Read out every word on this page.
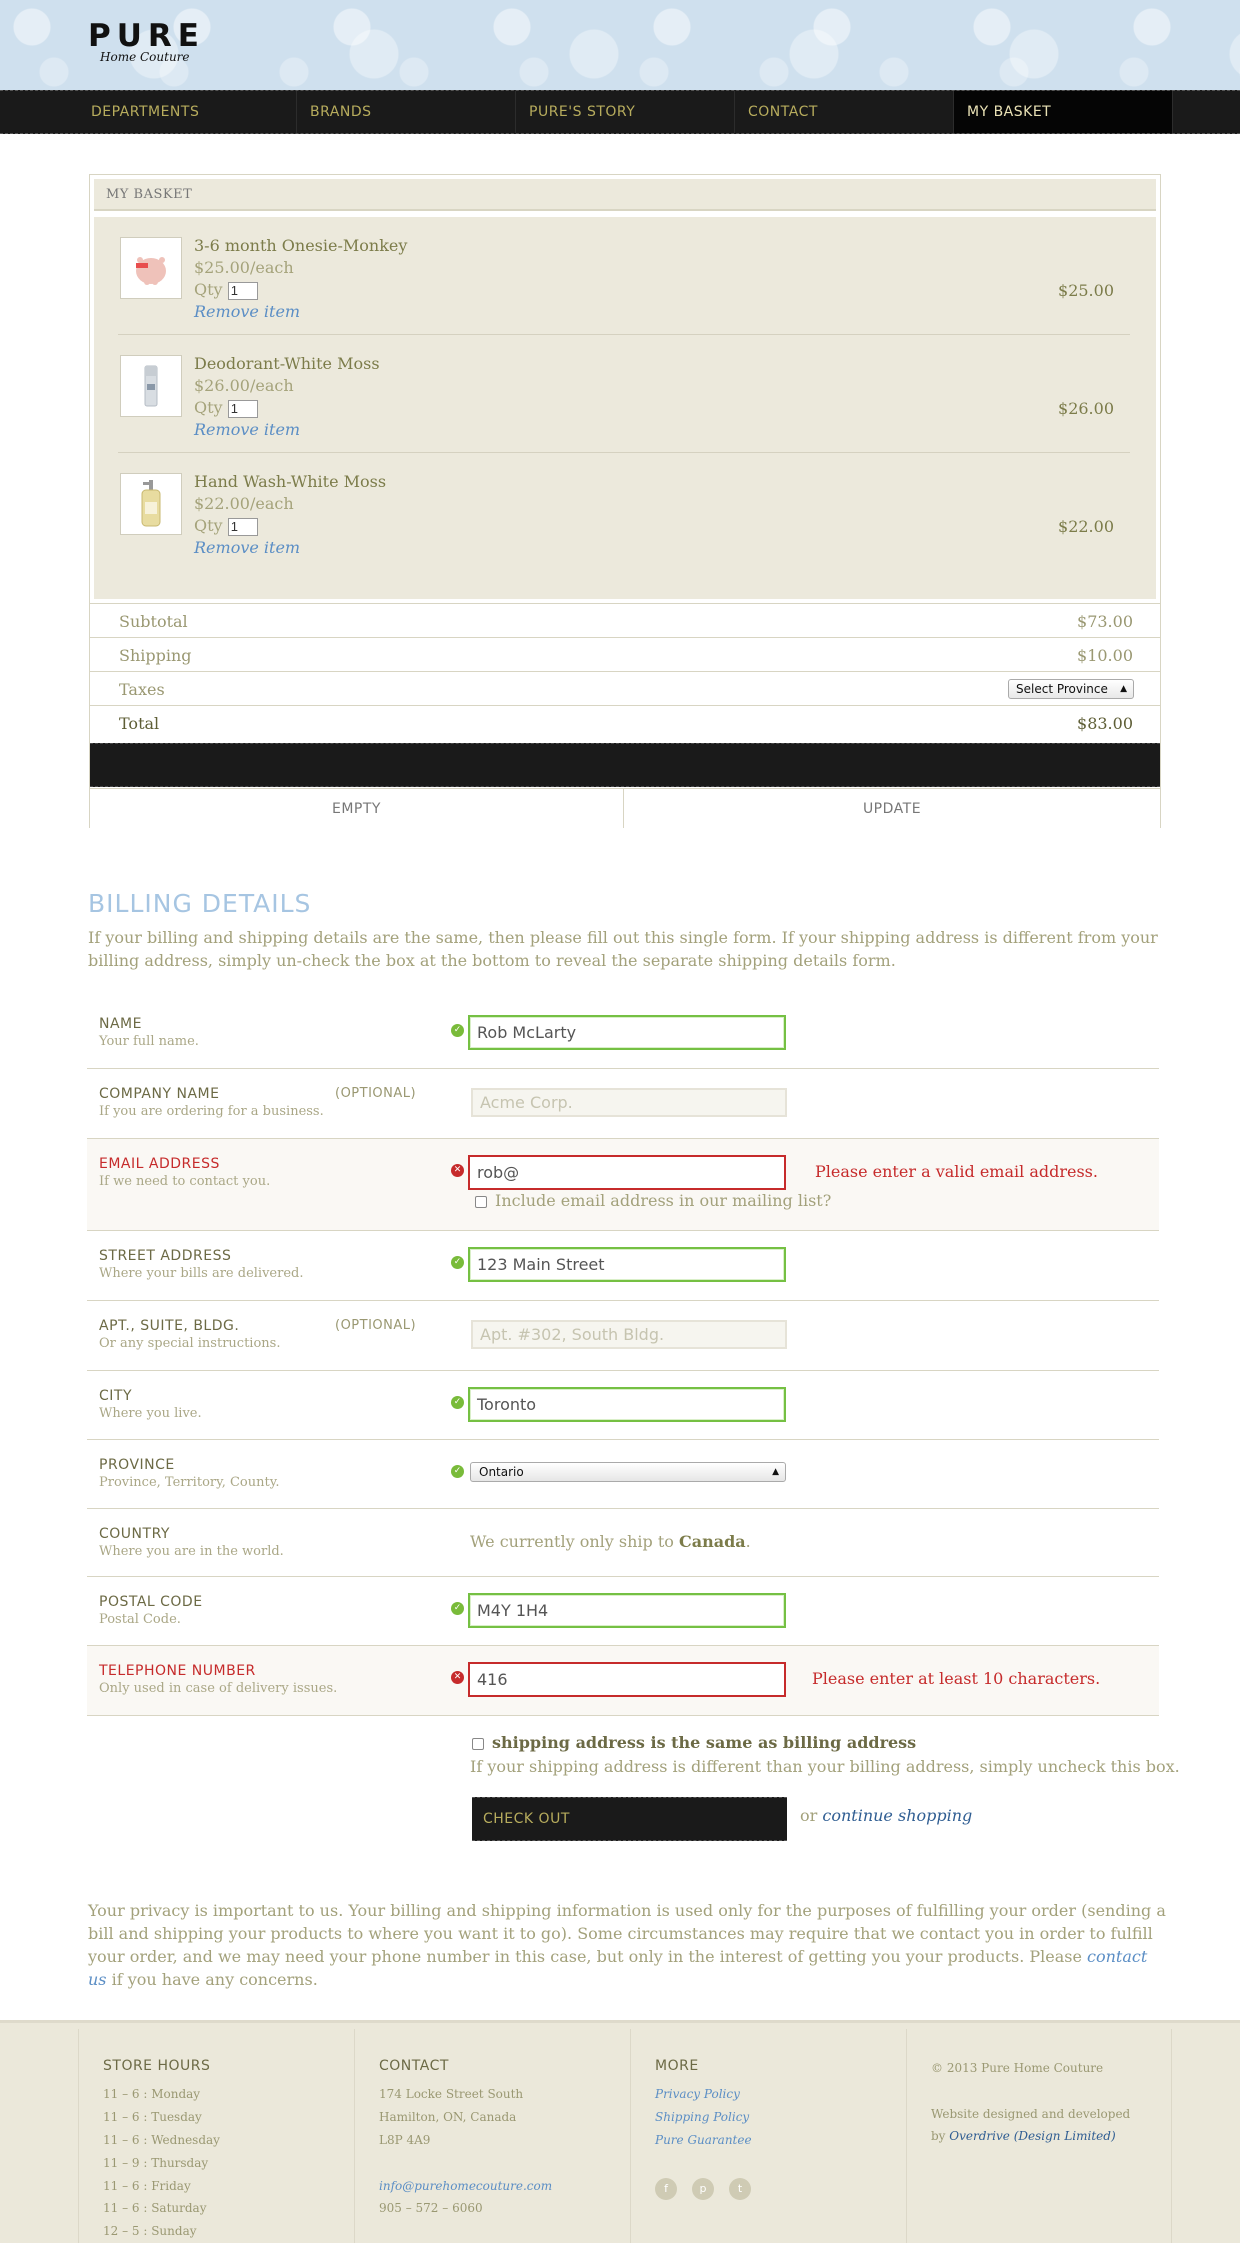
PURE
Home Couture
DEPARTMENTS	BRANDS	PURE'S STORY	CONTACT	MY BASKET
MY BASKET
3-6 month Onesie-Monkey
$25.00/each
Qty 1
Remove item
$25.00
Deodorant-White Moss
$26.00/each
Qty 1
Remove item
$26.00
Hand Wash-White Moss
$22.00/each
Qty 1
Remove item
$22.00
Subtotal	$73.00
Shipping	$10.00
Taxes	Select Province ▲

Total	$83.00
EMPTY	UPDATE
BILLING DETAILS
If your billing and shipping details are the same, then please fill out this single form. If your shipping address is different from your billing address, simply un-check the box at the bottom to reveal the separate shipping details form.
NAME
Your full name.
✓ Rob McLarty
COMPANY NAME
If you are ordering for a business.
(OPTIONAL)	Acme Corp.
EMAIL ADDRESS
If we need to contact you.
✕ rob@	Please enter a valid email address.
Include email address in our mailing list?
STREET ADDRESS
Where your bills are delivered.
✓ 123 Main Street
APT., SUITE, BLDG.
Or any special instructions.
(OPTIONAL)	Apt. #302, South Bldg.
CITY
Where you live.
✓ Toronto
PROVINCE
Province, Territory, County.
✓	Ontario	▲
COUNTRY
Where you are in the world.
We currently only ship to Canada.
POSTAL CODE
Postal Code.
✓ M4Y 1H4
TELEPHONE NUMBER
Only used in case of delivery issues.
✕ 416	Please enter at least 10 characters.
shipping address is the same as billing address
If your shipping address is different than your billing address, simply uncheck this box.
CHECK OUT	or continue shopping
Your privacy is important to us. Your billing and shipping information is used only for the purposes of fulfilling your order (sending a bill and shipping your products to where you want it to go). Some circumstances may require that we contact you in order to fulfill your order, and we may need your phone number in this case, but only in the interest of getting you your products. Please contact us if you have any concerns.
STORE HOURS
11 – 6 : Monday
11 – 6 : Tuesday
11 – 6 : Wednesday
11 – 9 : Thursday
11 – 6 : Friday
11 – 6 : Saturday
12 – 5 : Sunday
CONTACT
174 Locke Street South
Hamilton, ON, Canada
L8P 4A9
info@purehomecouture.com
905 – 572 – 6060
MORE
Privacy Policy
Shipping Policy
Pure Guarantee
f	p	t
© 2013 Pure Home Couture
Website designed and developed
by Overdrive (Design Limited)
